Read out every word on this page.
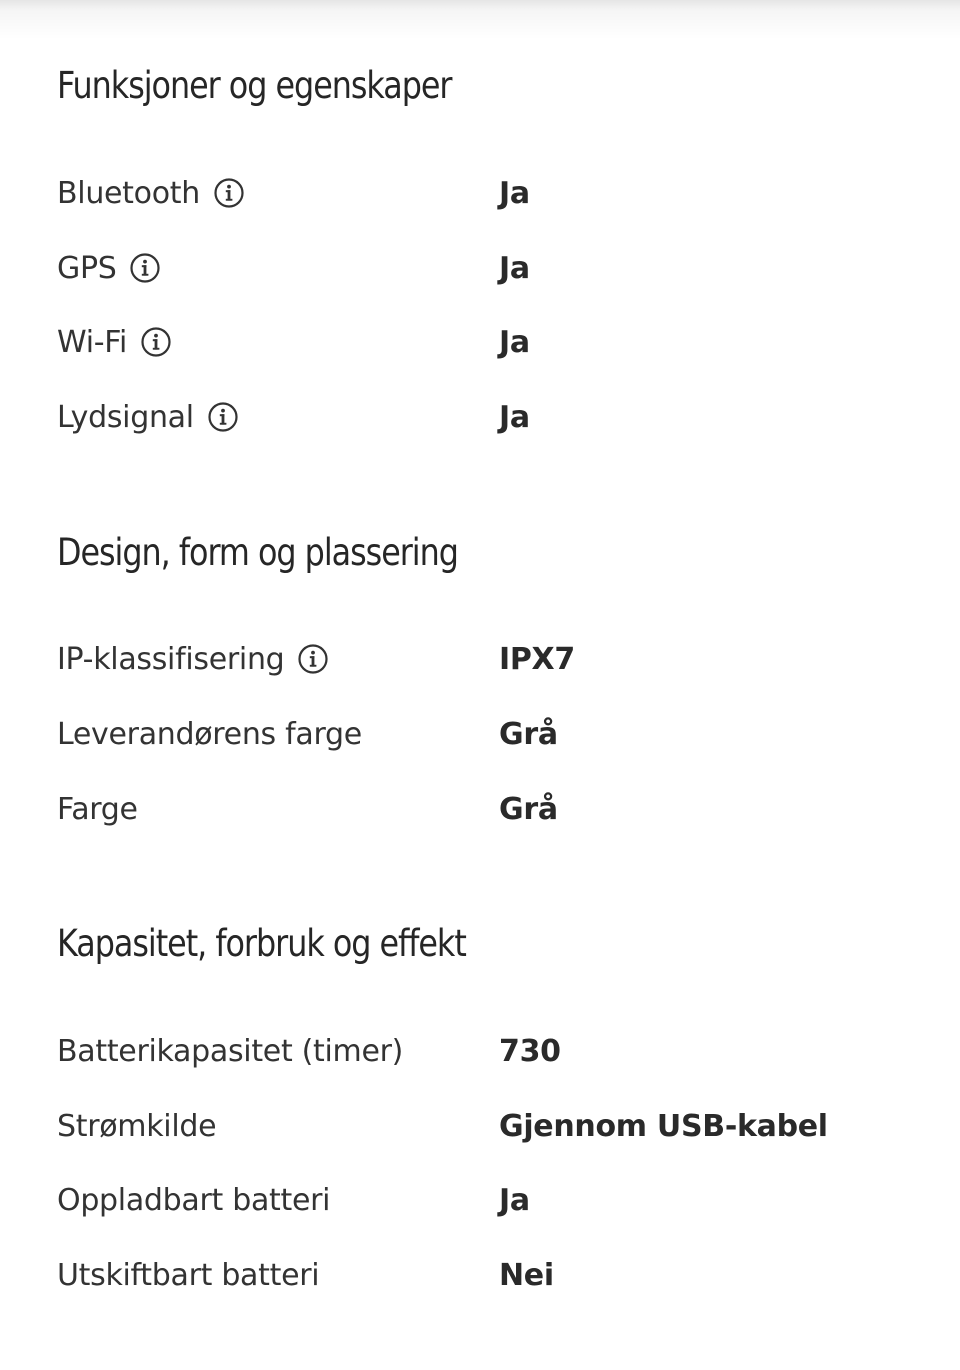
Funksjoner og egenskaper
Bluetooth	Ja
GPS	Ja
Wi-Fi	Ja
Lydsignal	Ja
Design, form og plassering
IP-klassifisering	IPX7
Leverandørens farge	Grå
Farge	Grå
Kapasitet, forbruk og effekt
Batterikapasitet (timer)	730
Strømkilde	Gjennom USB-kabel
Oppladbart batteri	Ja
Utskiftbart batteri	Nei
